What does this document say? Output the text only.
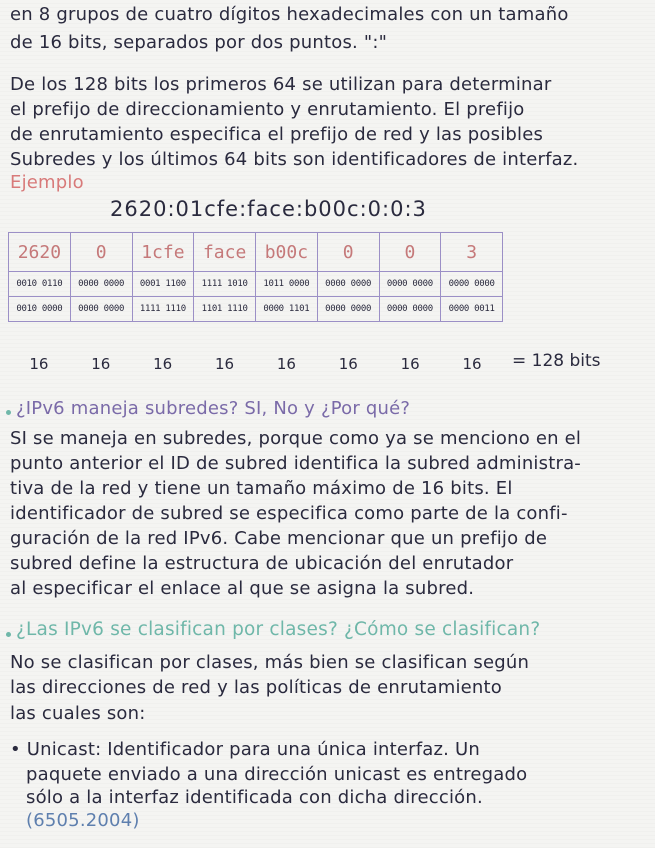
en 8 grupos de cuatro dígitos hexadecimales con un tamaño
de 16 bits, separados por dos puntos. ":"
De los 128 bits los primeros 64 se utilizan para determinar
el prefijo de direccionamiento y enrutamiento. El prefijo
de enrutamiento especifica el prefijo de red y las posibles
Subredes y los últimos 64 bits son identificadores de interfaz.
Ejemplo
2620:01cfe:face:b00c:0:0:3
2620	0	1cfe	face	b00c	0	0	3
0010 0110	0000 0000	0001 1100	1111 1010	1011 0000	0000 0000	0000 0000	0000 0000
0010 0000	0000 0000	1111 1110	1101 1110	0000 1101	0000 0000	0000 0000	0000 0011
16	16	16	16	16	16	16	16	= 128 bits
¿IPv6 maneja subredes? SI, No y ¿Por qué?
SI se maneja en subredes, porque como ya se menciono en el
punto anterior el ID de subred identifica la subred administra-
tiva de la red y tiene un tamaño máximo de 16 bits. El
identificador de subred se especifica como parte de la confi-
guración de la red IPv6. Cabe mencionar que un prefijo de
subred define la estructura de ubicación del enrutador
al especificar el enlace al que se asigna la subred.
¿Las IPv6 se clasifican por clases? ¿Cómo se clasifican?
No se clasifican por clases, más bien se clasifican según
las direcciones de red y las políticas de enrutamiento
las cuales son:
• Unicast: Identificador para una única interfaz. Un
paquete enviado a una dirección unicast es entregado
sólo a la interfaz identificada con dicha dirección.
(6505.2004)
